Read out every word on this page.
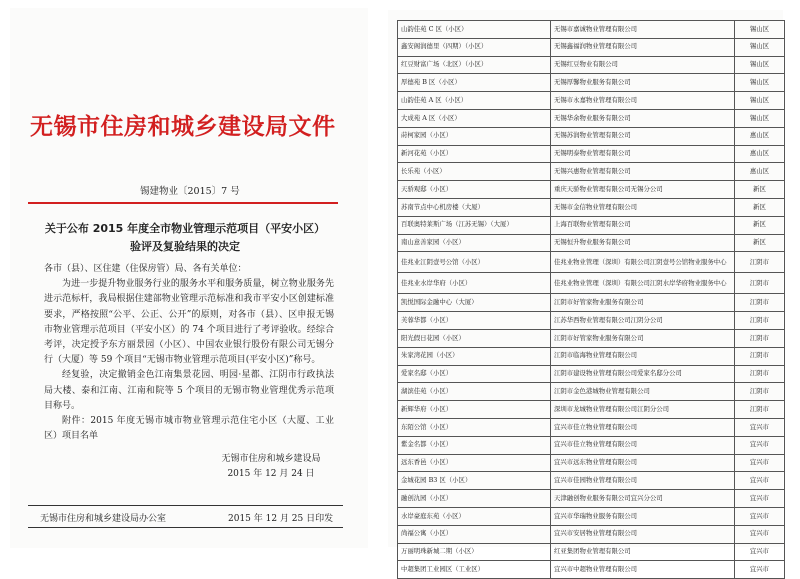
无锡市住房和城乡建设局文件
锡建物业〔2015〕7 号
关于公布 2015 年度全市物业管理示范项目（平安小区）
验评及复验结果的决定

各市（县）、区住建（住保房管）局、各有关单位：

为进一步提升物业服务行业的服务水平和服务质量，树立物业服务先进示范标杆，我局根据住建部物业管理示范标准和我市平安小区创建标准要求，严格按照“公平、公正、公开”的原则，对各市（县）、区申报无锡市物业管理示范项目（平安小区）的 74 个项目进行了考评验收。经综合考评，决定授予东方丽景园（小区）、中国农业银行股份有限公司无锡分行（大厦）等 59 个项目“无锡市物业管理示范项目(平安小区)”称号。

经复验，决定撤销金色江南集景花园、明园·星都、江阴市行政执法局大楼、泰和江南、江南和院等 5 个项目的无锡市物业管理优秀示范项目称号。

附件：2015 年度无锡市城市物业管理示范住宅小区（大厦、工业区）项目名单

无锡市住房和城乡建设局
2015 年 12 月 24 日
无锡市住房和城乡建设局办公室	2015 年 12 月 25 日印发
山韵佳苑 C 区（小区）	无锡市嘉诚物业管理有限公司	锡山区
鑫安阁润德里（四期）（小区）	无锡鑫福润物业管理有限公司	锡山区
红豆财富广场（北区）（小区）	无锡红豆物业有限公司	锡山区
厚德苑 B 区（小区）	无锡厚馨物业服务有限公司	锡山区
山韵佳苑 A 区（小区）	无锡市永嘉物业管理有限公司	锡山区
大成苑 A 区（小区）	无锡华余物业服务有限公司	锡山区
莳柯家园（小区）	无锡苏润物业管理有限公司	惠山区
新河花苑（小区）	无锡明泰物业管理有限公司	惠山区
长乐苑（小区）	无锡兴惠物业管理有限公司	惠山区
天骄观邸（小区）	重庆天骄物业管理有限公司无锡分公司	新区
苏南节点中心机房楼（大厦）	无锡市金信物业管理有限公司	新区
百联奥特莱斯广场（江苏无锡）（大厦）	上海百联物业管理有限公司	新区
南山意善家园（小区）	无锡恒升物业服务有限公司	新区
佳兆业江阴壹号公馆（小区）	佳兆业物业管理（深圳）有限公司江阴壹号公馆物业服务中心	江阴市
佳兆业水岸华府（小区）	佳兆业物业管理（深圳）有限公司江阴水岸华府物业服务中心	江阴市
凯悦国际金融中心（大厦）	江阴市好管家物业服务有限公司	江阴市
芙蓉华都（小区）	江苏华西物业管理有限公司江阴分公司	江阴市
阳光假日花园（小区）	江阴市好管家物业服务有限公司	江阴市
朱家湾花园（小区）	江阴市临海物业管理有限公司	江阴市
爱家名邸（小区）	江阴市建设物业管理有限公司爱家名邸分公司	江阴市
湖滨佳苑（小区）	江阴市金色港城物业管理有限公司	江阴市
新辉华府（小区）	深圳市龙城物业管理有限公司江阴分公司	江阴市
东陌公馆（小区）	宜兴市佳立物业管理有限公司	宜兴市
紫金名都（小区）	宜兴市佳立物业管理有限公司	宜兴市
远东香邑（小区）	宜兴市远东物业管理有限公司	宜兴市
金城花园 B3 区（小区）	宜兴市佳园物业管理有限公司	宜兴市
融创氿园（小区）	天津融创物业服务有限公司宜兴分公司	宜兴市
水岸豪庭东苑（小区）	宜兴市华瑞物业服务有限公司	宜兴市
尚福公寓（小区）	宜兴市安居物业管理有限公司	宜兴市
万丽明珠新城二期（小区）	红亚集团物业管理有限公司	宜兴市
中超集团工业园区（工业区）	宜兴市中超物业管理有限公司	宜兴市
